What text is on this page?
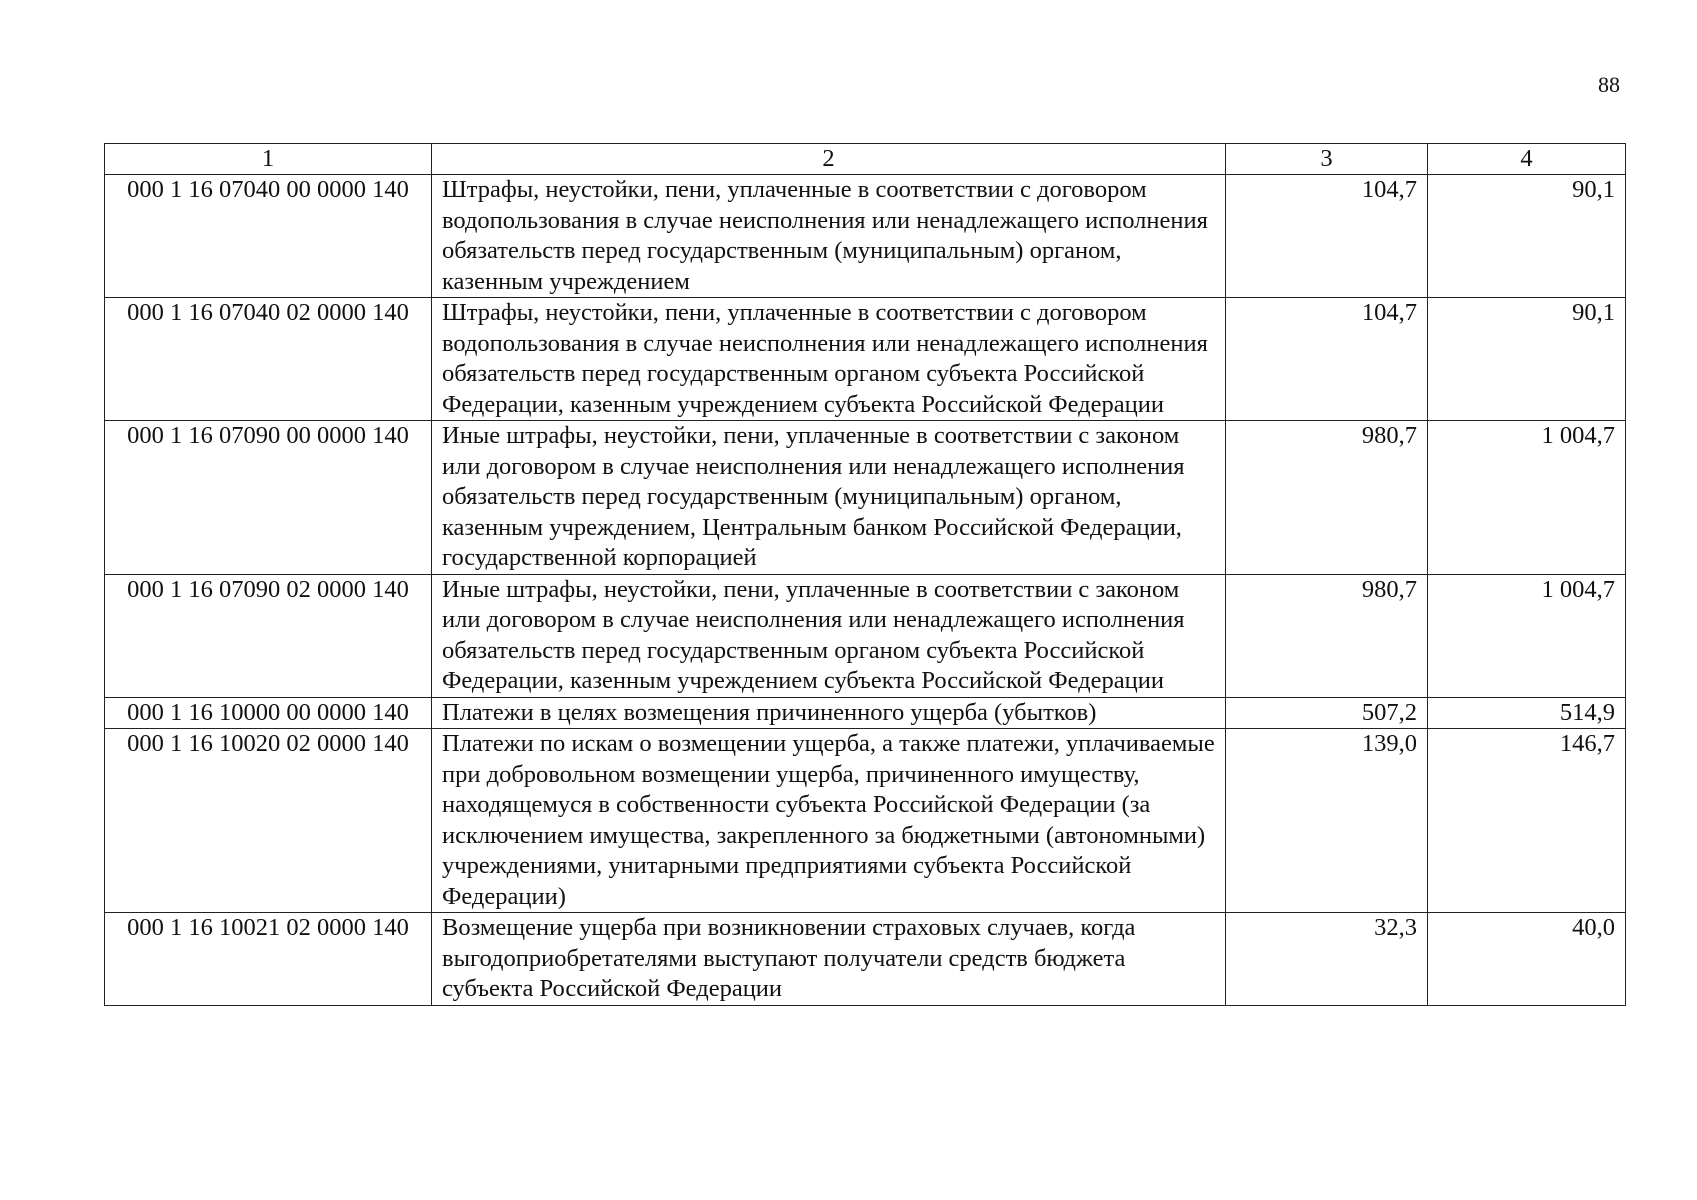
88
1	2	3	4
000 1 16 07040 00 0000 140	Штрафы, неустойки, пени, уплаченные в соответствии с договором водопользования в случае неисполнения или ненадлежащего исполнения обязательств перед государственным (муниципальным) органом, казенным учреждением	104,7	90,1
000 1 16 07040 02 0000 140	Штрафы, неустойки, пени, уплаченные в соответствии с договором водопользования в случае неисполнения или ненадлежащего исполнения обязательств перед государственным органом субъекта Российской Федерации, казенным учреждением субъекта Российской Федерации	104,7	90,1
000 1 16 07090 00 0000 140	Иные штрафы, неустойки, пени, уплаченные в соответствии с законом или договором в случае неисполнения или ненадлежащего исполнения обязательств перед государственным (муниципальным) органом, казенным учреждением, Центральным банком Российской Федерации, государственной корпорацией	980,7	1 004,7
000 1 16 07090 02 0000 140	Иные штрафы, неустойки, пени, уплаченные в соответствии с законом или договором в случае неисполнения или ненадлежащего исполнения обязательств перед государственным органом субъекта Российской Федерации, казенным учреждением субъекта Российской Федерации	980,7	1 004,7
000 1 16 10000 00 0000 140	Платежи в целях возмещения причиненного ущерба (убытков)	507,2	514,9
000 1 16 10020 02 0000 140	Платежи по искам о возмещении ущерба, а также платежи, уплачиваемые при добровольном возмещении ущерба, причиненного имуществу, находящемуся в собственности субъекта Российской Федерации (за исключением имущества, закрепленного за бюджетными (автономными) учреждениями, унитарными предприятиями субъекта Российской Федерации)	139,0	146,7
000 1 16 10021 02 0000 140	Возмещение ущерба при возникновении страховых случаев, когда выгодоприобретателями выступают получатели средств бюджета субъекта Российской Федерации	32,3	40,0
